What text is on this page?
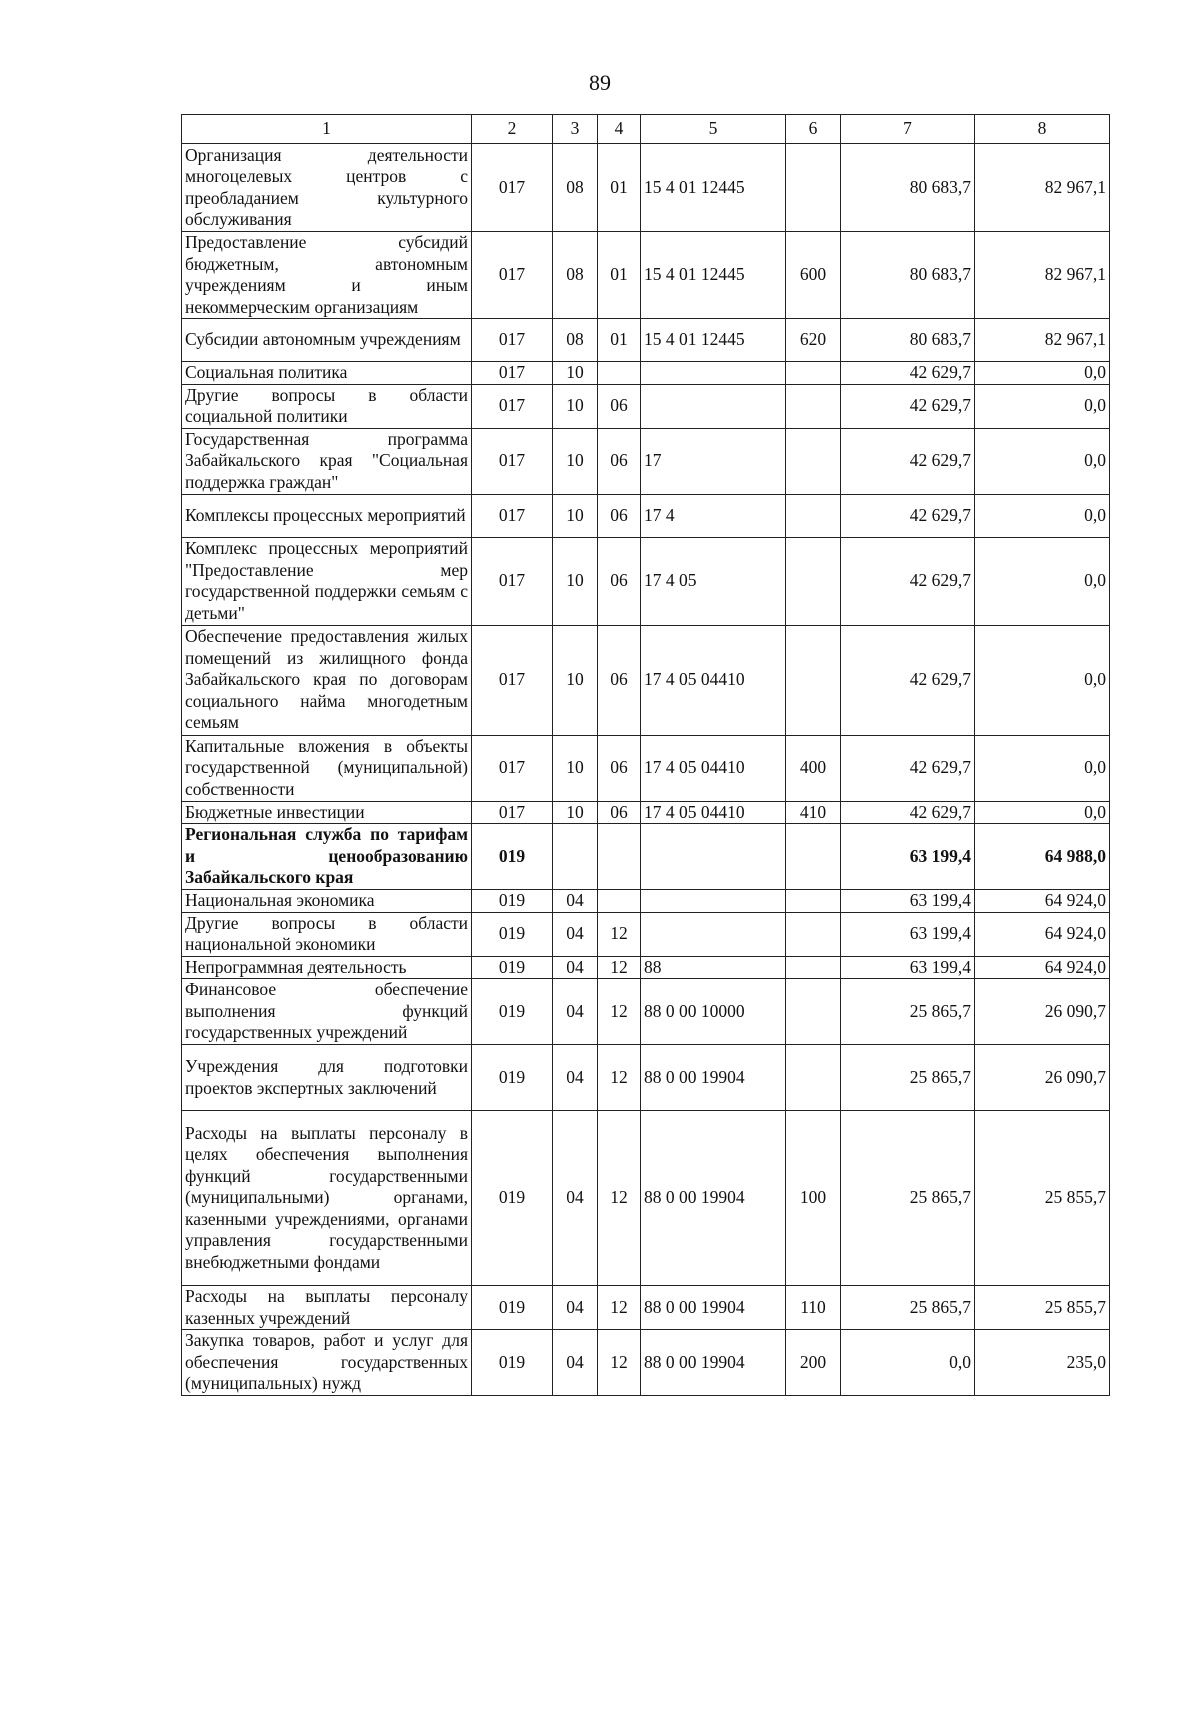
89
1	2	3	4	5	6	7	8
Организация деятельности многоцелевых центров с преобладанием культурного обслуживания	017	08	01	15 4 01 12445		80 683,7	82 967,1
Предоставление субсидий бюджетным, автономным учреждениям и иным некоммерческим организациям	017	08	01	15 4 01 12445	600	80 683,7	82 967,1
Субсидии автономным учреждениям	017	08	01	15 4 01 12445	620	80 683,7	82 967,1
Социальная политика	017	10				42 629,7	0,0
Другие вопросы в области социальной политики	017	10	06			42 629,7	0,0
Государственная программа Забайкальского края "Социальная поддержка граждан"	017	10	06	17		42 629,7	0,0
Комплексы процессных мероприятий	017	10	06	17 4		42 629,7	0,0
Комплекс процессных мероприятий "Предоставление мер государственной поддержки семьям с детьми"	017	10	06	17 4 05		42 629,7	0,0
Обеспечение предоставления жилых помещений из жилищного фонда Забайкальского края по договорам социального найма многодетным семьям	017	10	06	17 4 05 04410		42 629,7	0,0
Капитальные вложения в объекты государственной (муниципальной) собственности	017	10	06	17 4 05 04410	400	42 629,7	0,0
Бюджетные инвестиции	017	10	06	17 4 05 04410	410	42 629,7	0,0
Региональная служба по тарифам и ценообразованию Забайкальского края	019					63 199,4	64 988,0
Национальная экономика	019	04				63 199,4	64 924,0
Другие вопросы в области национальной экономики	019	04	12			63 199,4	64 924,0
Непрограммная деятельность	019	04	12	88		63 199,4	64 924,0
Финансовое обеспечение выполнения функций государственных учреждений	019	04	12	88 0 00 10000		25 865,7	26 090,7
Учреждения для подготовки проектов экспертных заключений	019	04	12	88 0 00 19904		25 865,7	26 090,7
Расходы на выплаты персоналу в целях обеспечения выполнения функций государственными (муниципальными) органами, казенными учреждениями, органами управления государственными внебюджетными фондами	019	04	12	88 0 00 19904	100	25 865,7	25 855,7
Расходы на выплаты персоналу казенных учреждений	019	04	12	88 0 00 19904	110	25 865,7	25 855,7
Закупка товаров, работ и услуг для обеспечения государственных (муниципальных) нужд	019	04	12	88 0 00 19904	200	0,0	235,0
